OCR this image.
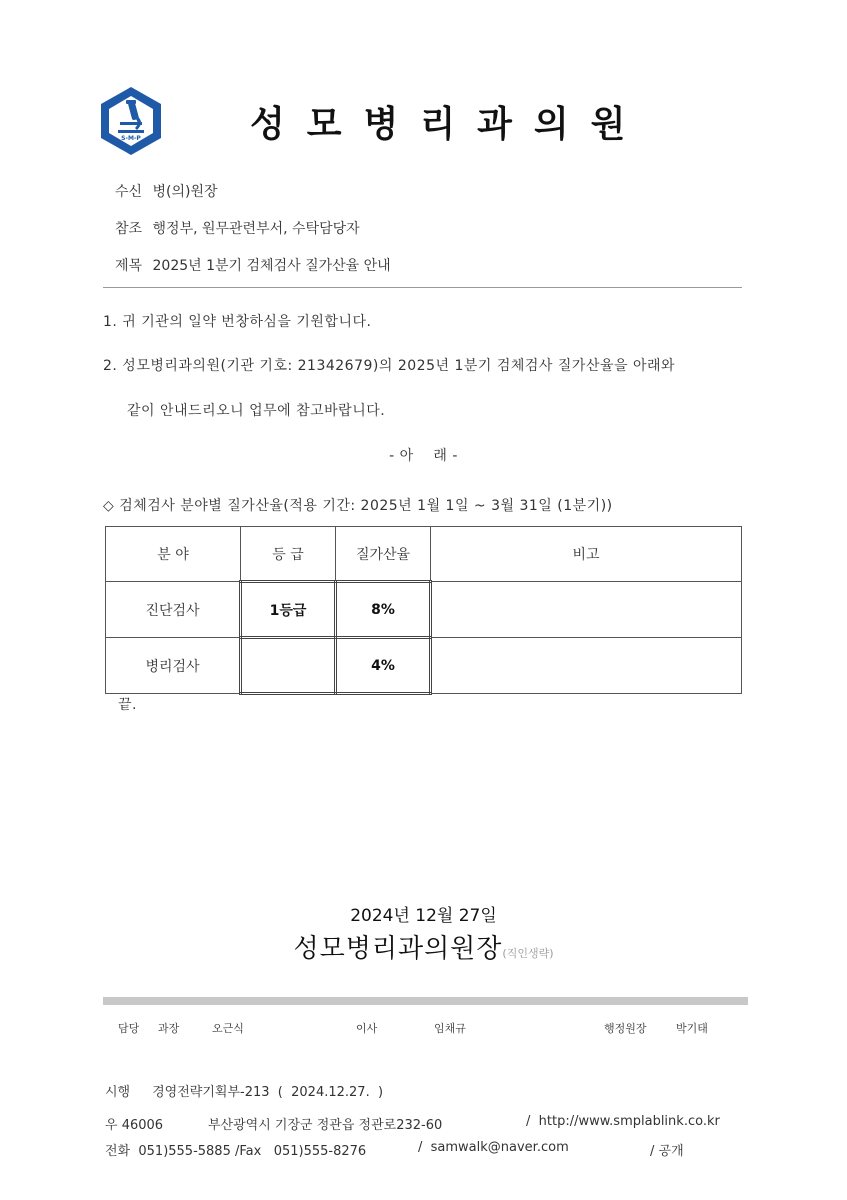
S-M-P	성모병리과의원
수신 병(의)원장
참조 행정부, 원무관련부서, 수탁담당자
제목 2025년 1분기 검체검사 질가산율 안내
1. 귀 기관의 일약 번창하심을 기원합니다.
2. 성모병리과의원(기관 기호: 21342679)의 2025년 1분기 검체검사 질가산율을 아래와
같이 안내드리오니 업무에 참고바랍니다.
- 아    래 -
◇ 검체검사 분야별 질가산율(적용 기간: 2025년 1월 1일 ~ 3월 31일 (1분기))
분 야	등 급	질가산율	비고
진단검사	1등급	8%	
병리검사		4%	
끝.
2024년 12월 27일
성모병리과의원장(직인생략)
담당 과장	오근식	이사	임채규	행정원장	박기태
시행 경영전략기획부-213  (  2024.12.27.  )
우 46006	부산광역시 기장군 정관읍 정관로232-60	/  http://www.smplablink.co.kr
전화  051)555-5885 /Fax   051)555-8276	/  samwalk@naver.com	/ 공개
